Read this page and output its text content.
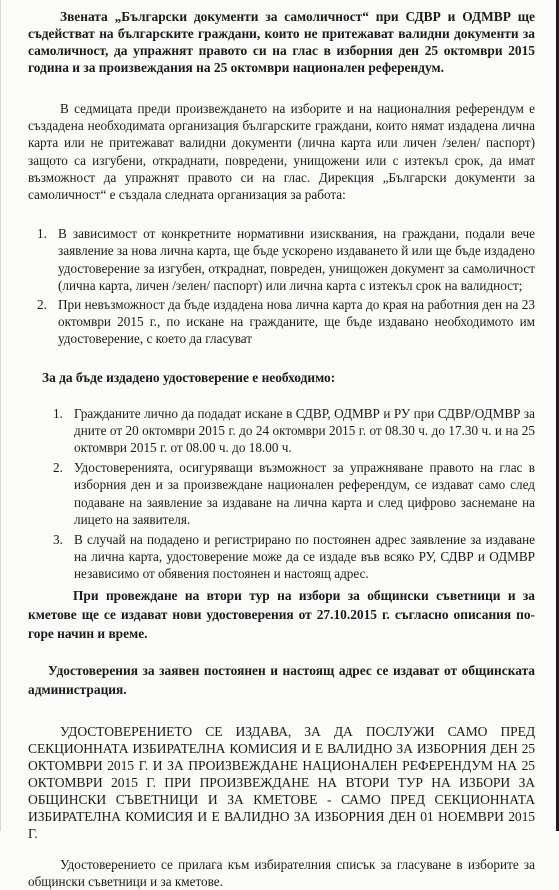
Звената „Български документи за самоличност“ при СДВР и ОДМВР ще съдействат на българските граждани, които не притежават валидни документи за самоличност, да упражнят правото си на глас в изборния ден 25 октомври 2015 година и за произвеждания на 25 октомври национален референдум.

В седмицата преди произвеждането на изборите и на националния референдум е създадена необходимата организация българските граждани, които нямат издадена лична карта или не притежават валидни документи (лична карта или личен /зелен/ паспорт) защото са изгубени, откраднати, повредени, унищожени или с изтекъл срок, да имат възможност да упражнят правото си на глас. Дирекция „Български документи за самоличност“ е създала следната организация за работа:

1. В зависимост от конкретните нормативни изисквания, на граждани, подали вече заявление за нова лична карта, ще бъде ускорено издаването й или ще бъде издадено удостоверение за изгубен, откраднат, повреден, унищожен документ за самоличност (лична карта, личен /зелен/ паспорт) или лична карта с изтекъл срок на валидност;
2. При невъзможност да бъде издадена нова лична карта до края на работния ден на 23 октомври 2015 г., по искане на гражданите, ще бъде издавано необходимото им удостоверение, с което да гласуват

За да бъде издадено удостоверение е необходимо:

1. Гражданите лично да подадат искане в СДВР, ОДМВР и РУ при СДВР/ОДМВР за дните от 20 октомври 2015 г. до 24 октомври 2015 г. от 08.30 ч. до 17.30 ч. и на 25 октомври 2015 г. от 08.00 ч. до 18.00 ч.
2. Удостоверенията, осигуряващи възможност за упражняване правото на глас в изборния ден и за произвеждане национален референдум, се издават само след подаване на заявление за издаване на лична карта и след цифрово заснемане на лицето на заявителя.
3. В случай на подадено и регистрирано по постоянен адрес заявление за издаване на лична карта, удостоверение може да се издаде във всяко РУ, СДВР и ОДМВР независимо от обявения постоянен и настоящ адрес.

При провеждане на втори тур на избори за общински съветници и за кметове ще се издават нови удостоверения от 27.10.2015 г. съгласно описания по-горе начин и време.

Удостоверения за заявен постоянен и настоящ адрес се издават от общинската администрация.

УДОСТОВЕРЕНИЕТО СЕ ИЗДАВА, ЗА ДА ПОСЛУЖИ САМО ПРЕД СЕКЦИОННАТА ИЗБИРАТЕЛНА КОМИСИЯ И Е ВАЛИДНО ЗА ИЗБОРНИЯ ДЕН 25 ОКТОМВРИ 2015 Г. И ЗА ПРОИЗВЕЖДАНЕ НАЦИОНАЛЕН РЕФЕРЕНДУМ НА 25 ОКТОМВРИ 2015 Г. ПРИ ПРОИЗВЕЖДАНЕ НА ВТОРИ ТУР НА ИЗБОРИ ЗА ОБЩИНСКИ СЪВЕТНИЦИ И ЗА КМЕТОВЕ - САМО ПРЕД СЕКЦИОННАТА ИЗБИРАТЕЛНА КОМИСИЯ И Е ВАЛИДНО ЗА ИЗБОРНИЯ ДЕН 01 НОЕМВРИ 2015 Г.

Удостоверението се прилага към избирателния списък за гласуване в изборите за общински съветници и за кметове.
